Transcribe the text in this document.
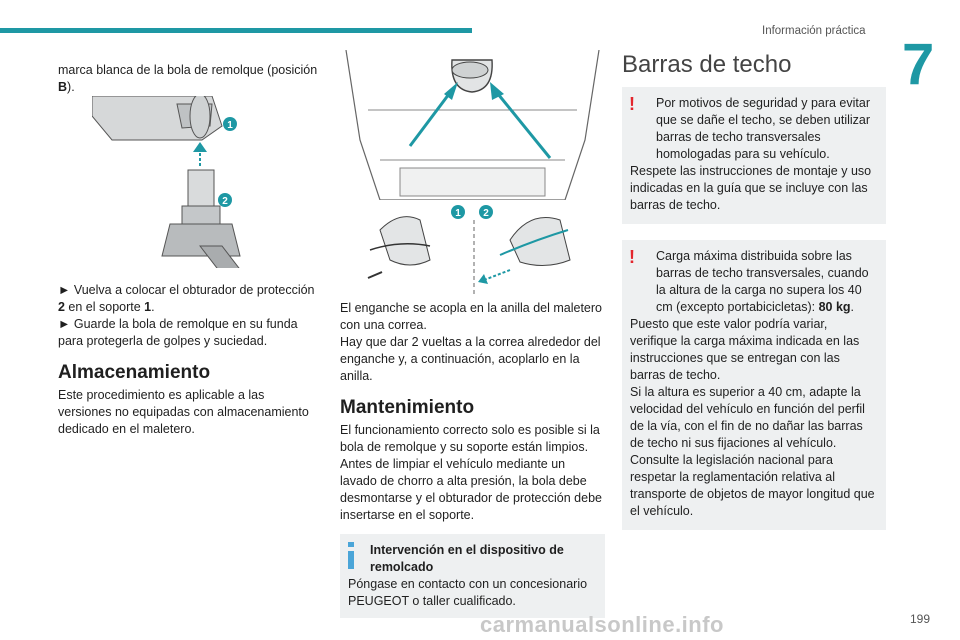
Información práctica
7

marca blanca de la bola de remolque (posición B).

1
2

► Vuelva a colocar el obturador de protección 2 en el soporte 1.

► Guarde la bola de remolque en su funda para protegerla de golpes y suciedad.

Almacenamiento

Este procedimiento es aplicable a las versiones no equipadas con almacenamiento dedicado en el maletero.

1 2

El enganche se acopla en la anilla del maletero con una correa.
Hay que dar 2 vueltas a la correa alrededor del enganche y, a continuación, acoplarlo en la anilla.

Mantenimiento

El funcionamiento correcto solo es posible si la bola de remolque y su soporte están limpios.

Antes de limpiar el vehículo mediante un lavado de chorro a alta presión, la bola debe desmontarse y el obturador de protección debe insertarse en el soporte.

Intervención en el dispositivo de remolcado
Póngase en contacto con un concesionario PEUGEOT o taller cualificado.
Barras de techo
!	Por motivos de seguridad y para evitar que se dañe el techo, se deben utilizar barras de techo transversales homologadas para su vehículo.
Respete las instrucciones de montaje y uso indicadas en la guía que se incluye con las barras de techo.
!	Carga máxima distribuida sobre las barras de techo transversales, cuando la altura de la carga no supera los 40 cm (excepto portabicicletas): 80 kg.
Puesto que este valor podría variar, verifique la carga máxima indicada en las instrucciones que se entregan con las barras de techo.
Si la altura es superior a 40 cm, adapte la velocidad del vehículo en función del perfil de la vía, con el fin de no dañar las barras de techo ni sus fijaciones al vehículo.
Consulte la legislación nacional para respetar la reglamentación relativa al transporte de objetos de mayor longitud que el vehículo.
carmanualsonline.info	199
